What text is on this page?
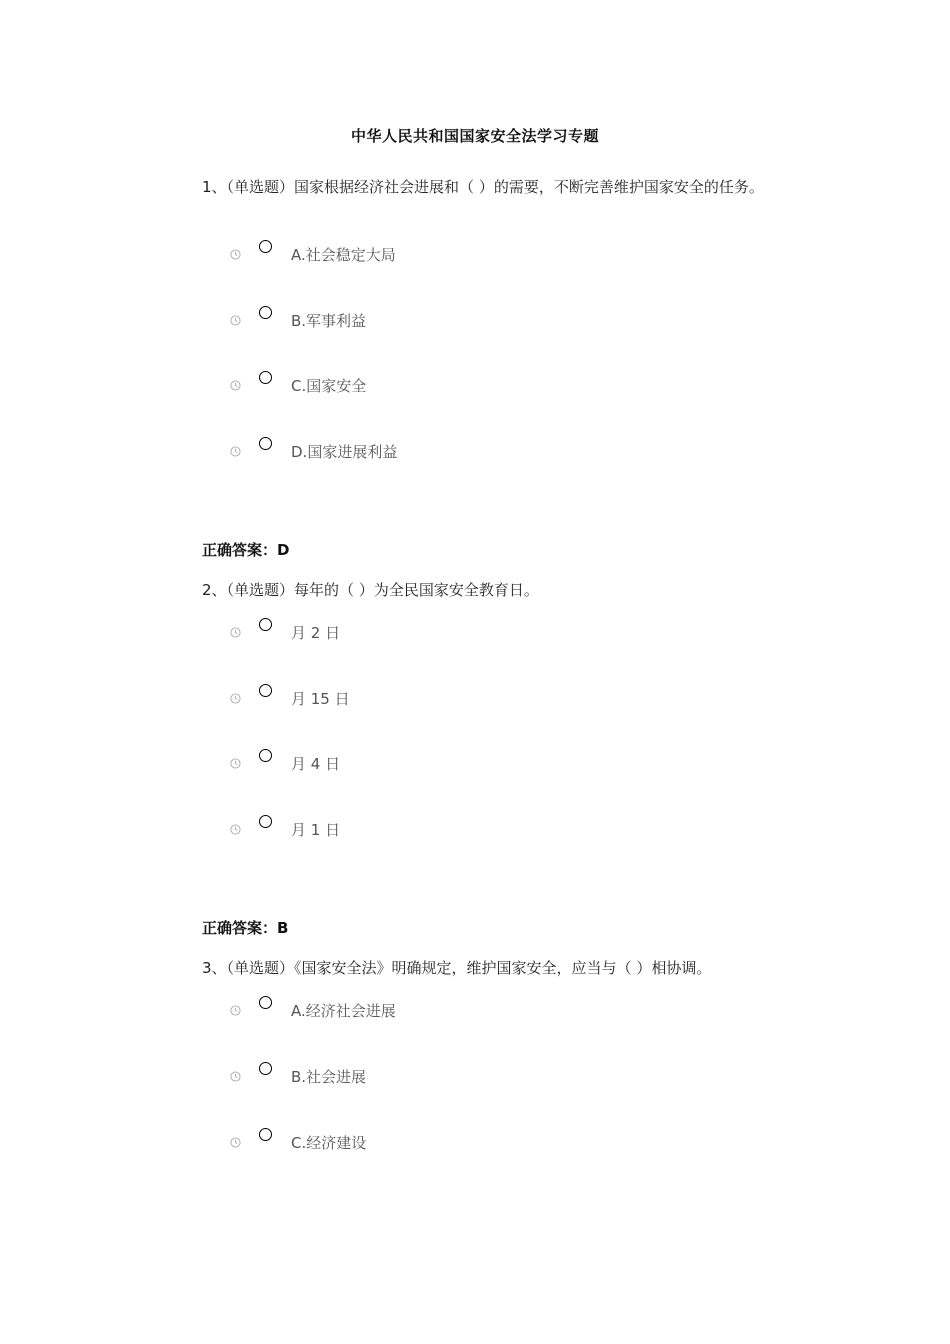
中华人民共和国国家安全法学习专题
1、（单选题）国家根据经济社会进展和（ ）的需要，不断完善维护国家安全的任务。
A.社会稳定大局
B.军事利益
C.国家安全
D.国家进展利益
正确答案：D
2、（单选题）每年的（ ）为全民国家安全教育日。
月 2 日
月 15 日
月 4 日
月 1 日
正确答案：B
3、（单选题）《国家安全法》明确规定，维护国家安全，应当与（ ）相协调。
A.经济社会进展
B.社会进展
C.经济建设
